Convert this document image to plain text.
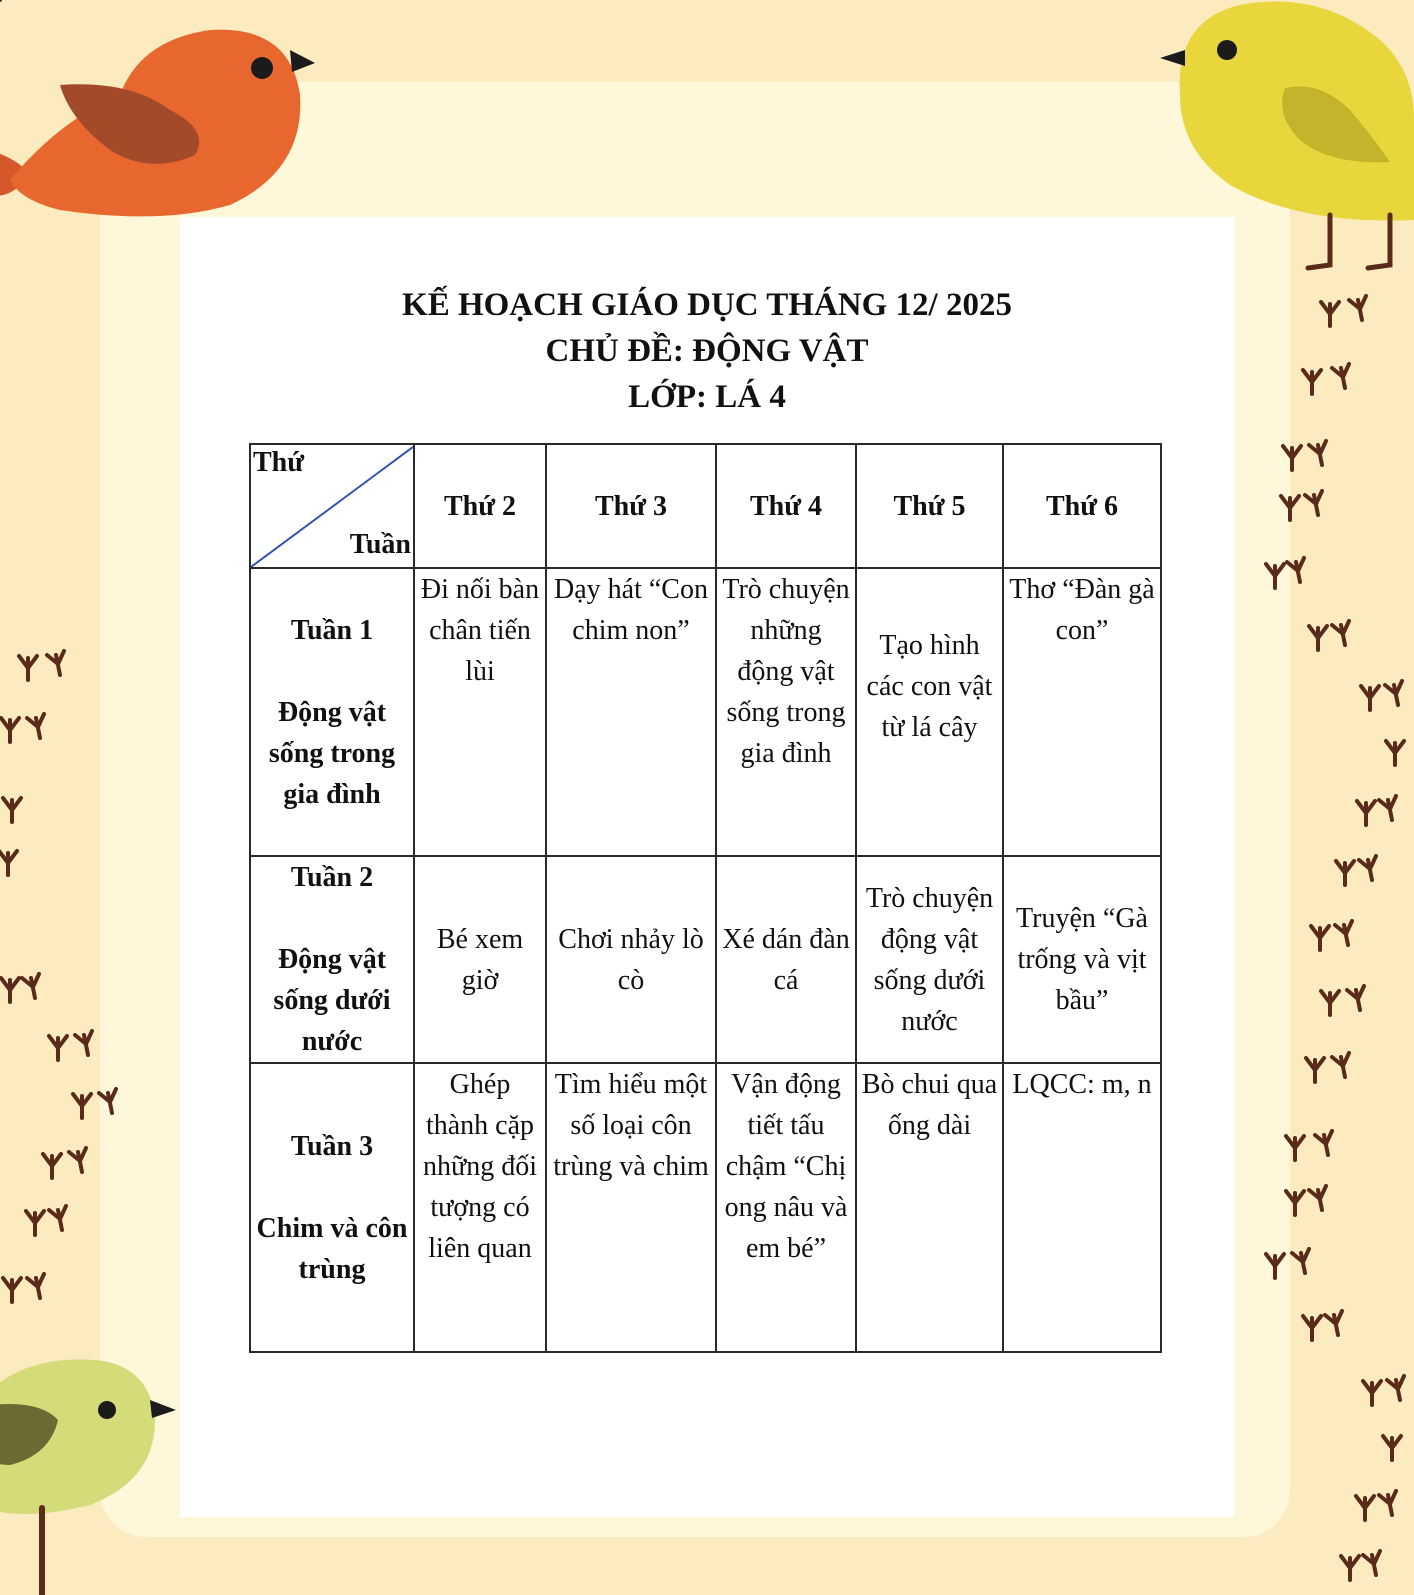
KẾ HOẠCH GIÁO DỤC THÁNG 12/ 2025
CHỦ ĐỀ: ĐỘNG VẬT
LỚP: LÁ 4
Thứ
Tuần	Thứ 2	Thứ 3	Thứ 4	Thứ 5	Thứ 6

Tuần 1
Động vật sống trong gia đình	Đi nối bàn chân tiến lùi	Dạy hát “Con chim non”	Trò chuyện những động vật sống trong gia đình	Tạo hình các con vật từ lá cây	Thơ “Đàn gà con”

Tuần 2
Động vật sống dưới nước	Bé xem giờ	Chơi nhảy lò cò	Xé dán đàn cá	Trò chuyện động vật sống dưới nước	Truyện “Gà trống và vịt bầu”

Tuần 3
Chim và côn trùng	Ghép thành cặp những đối tượng có liên quan	Tìm hiểu một số loại côn trùng và chim	Vận động tiết tấu chậm “Chị ong nâu và em bé”	Bò chui qua ống dài	LQCC: m, n
